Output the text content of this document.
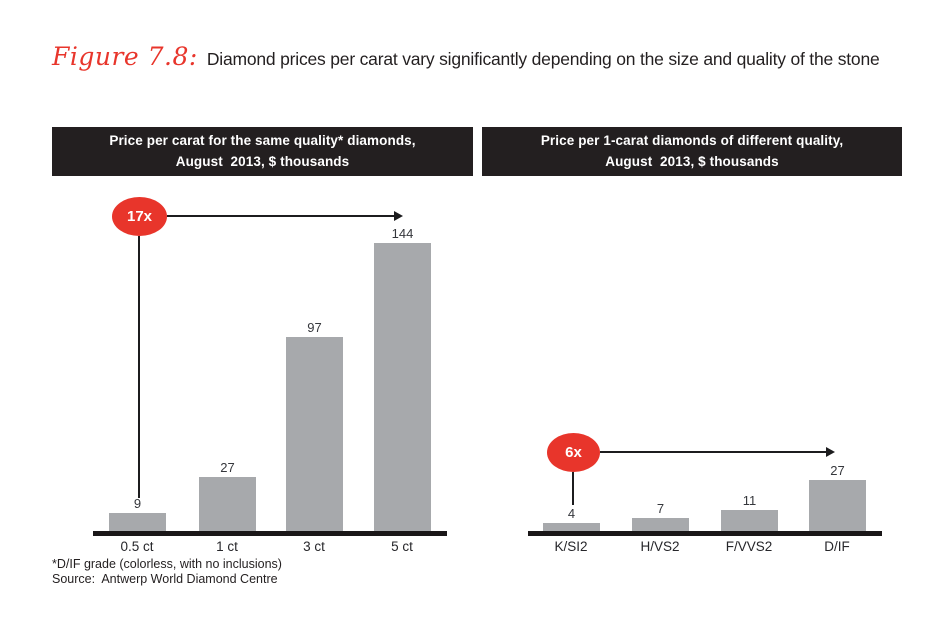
Figure 7.8: Diamond prices per carat vary significantly depending on the size and quality of the stone
Price per carat for the same quality* diamonds,
August  2013, $ thousands
17x
9
27
97
144
0.5 ct	1 ct	3 ct	5 ct
Price per 1-carat diamonds of different quality,
August  2013, $ thousands
6x
4	7
11
27
K/SI2	H/VS2	F/VVS2	D/IF
*D/IF grade (colorless, with no inclusions)
Source:  Antwerp World Diamond Centre
